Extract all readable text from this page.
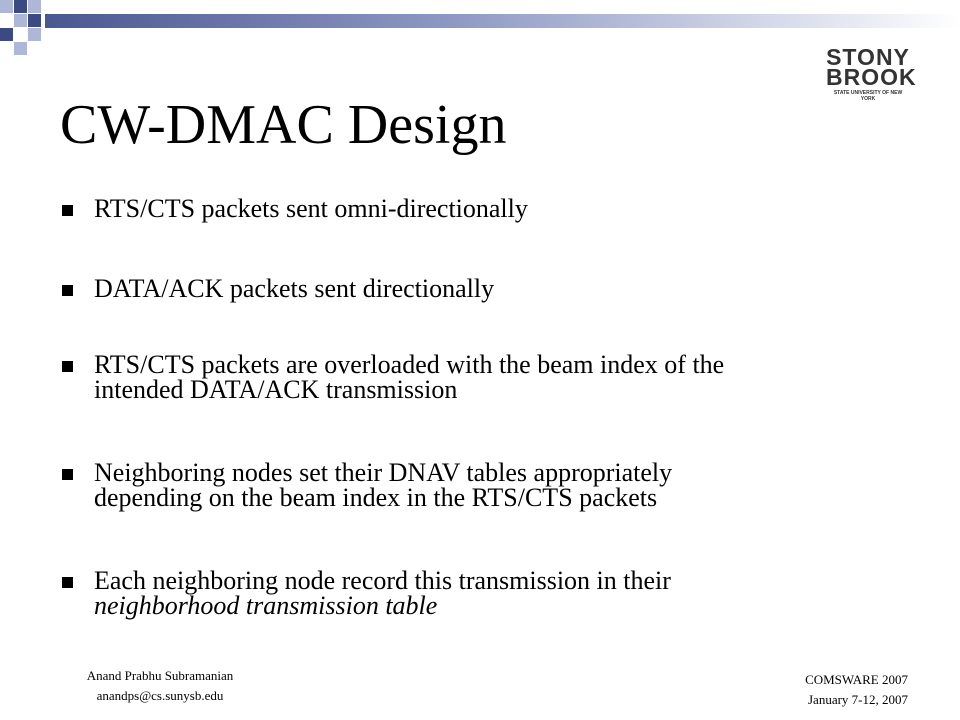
STONY
BROOK
STATE UNIVERSITY OF NEW YORK
CW-DMAC Design
RTS/CTS packets sent omni-directionally
DATA/ACK packets sent directionally
RTS/CTS packets are overloaded with the beam index of the
intended DATA/ACK transmission
Neighboring nodes set their DNAV tables appropriately
depending on the beam index in the RTS/CTS packets
Each neighboring node record this transmission in their
neighborhood transmission table
Anand Prabhu Subramanian
anandps@cs.sunysb.edu
COMSWARE 2007
January 7-12, 2007
